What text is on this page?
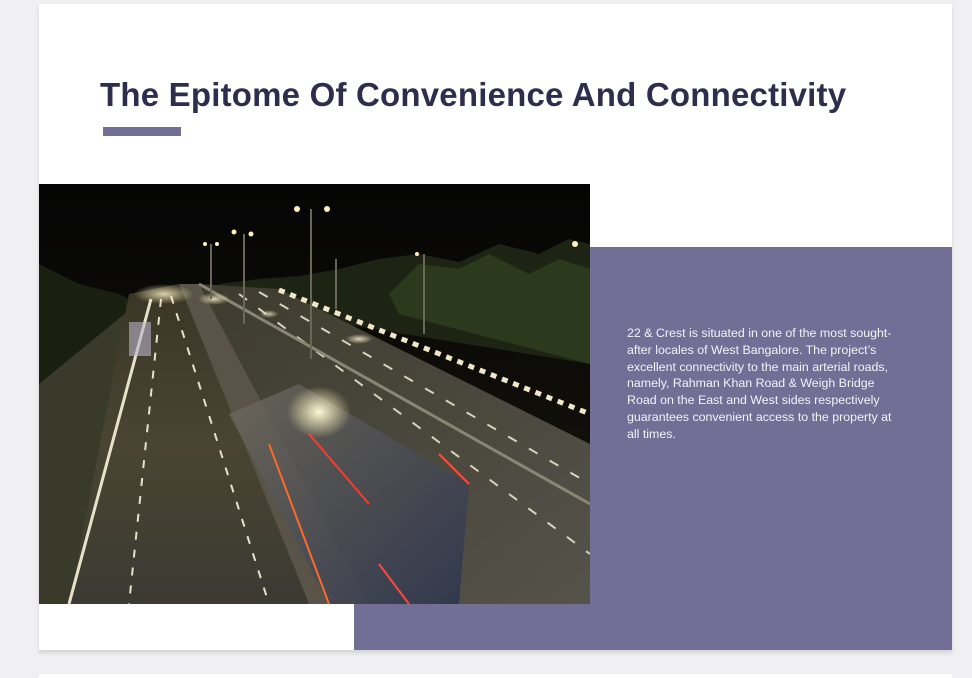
The Epitome Of Convenience And Connectivity

22 & Crest is situated in one of the most sought-after locales of West Bangalore. The project’s excellent connectivity to the main arterial roads, namely, Rahman Khan Road & Weigh Bridge Road on the East and West sides respectively guarantees convenient access to the property at all times.
